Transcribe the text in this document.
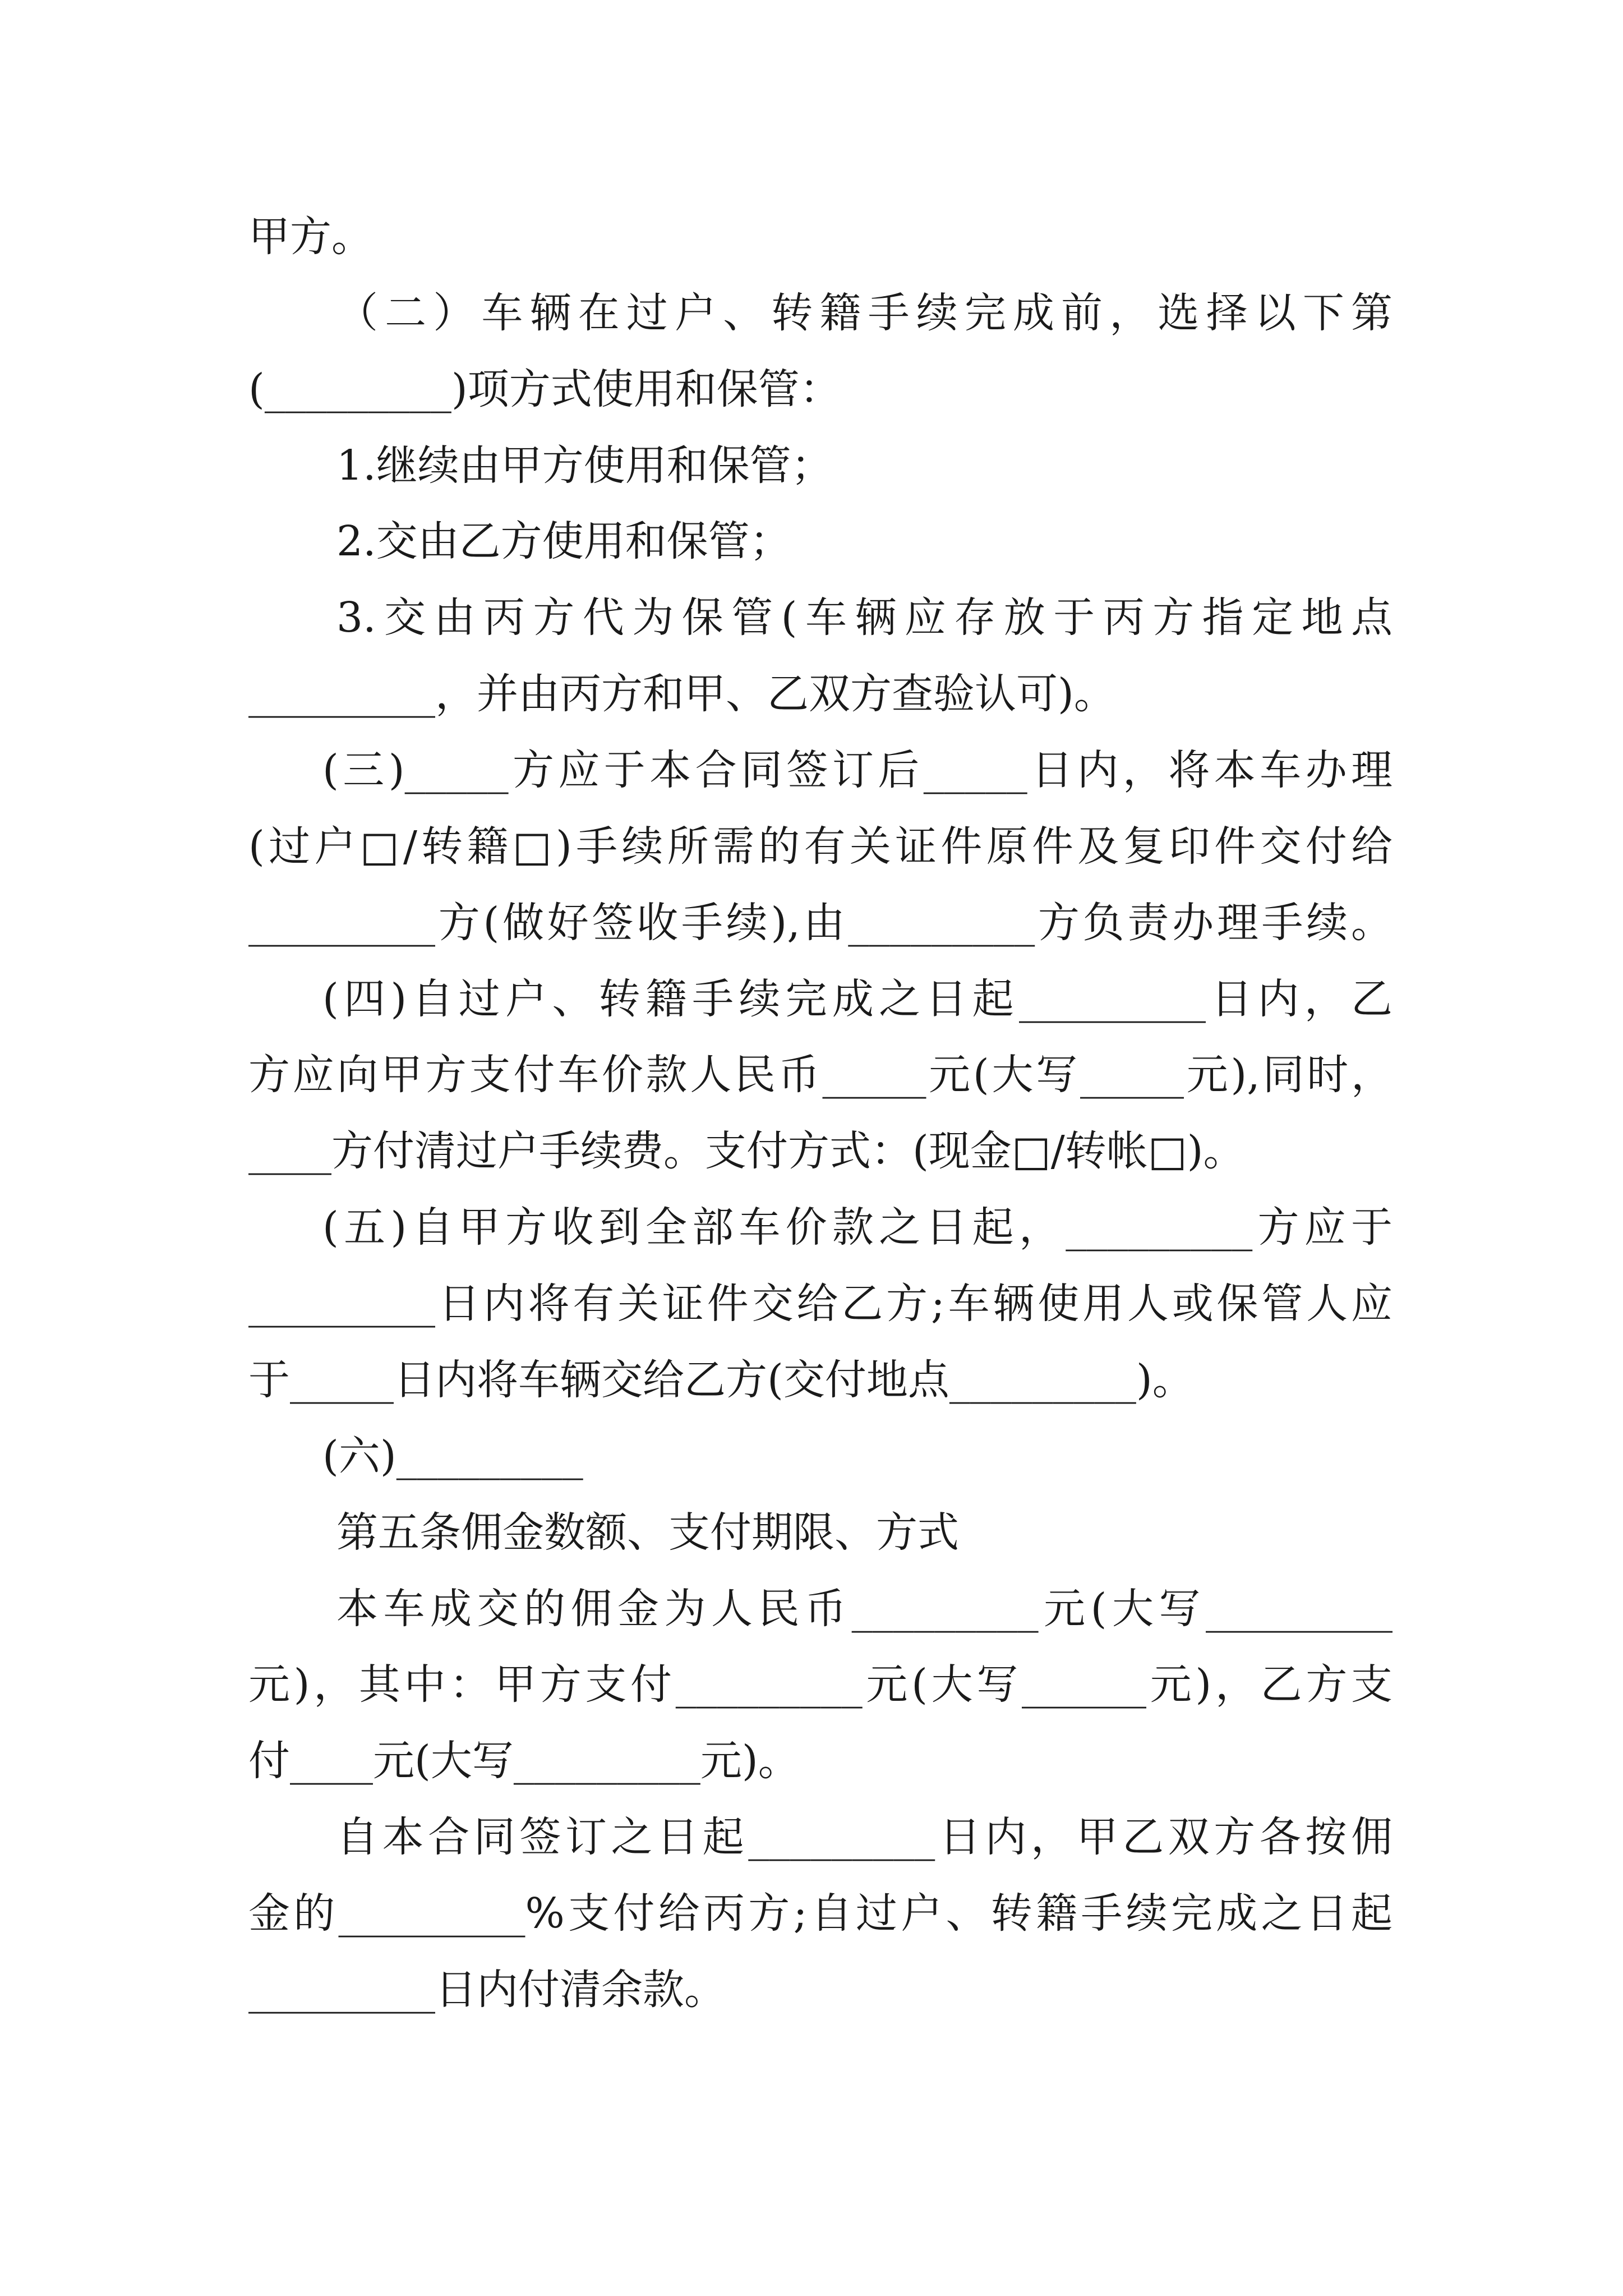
甲方。
（二）车辆在过户、转籍手续完成前，选择以下第
(_________)项方式使用和保管：
1.继续由甲方使用和保管；
2.交由乙方使用和保管；
3.交由丙方代为保管(车辆应存放于丙方指定地点
_________，并由丙方和甲、乙双方查验认可)。
(三)_____方应于本合同签订后_____日内，将本车办理
(过户□/转籍□)手续所需的有关证件原件及复印件交付给
_________方(做好签收手续),由_________方负责办理手续。
(四)自过户、转籍手续完成之日起_________日内，乙
方应向甲方支付车价款人民币_____元(大写_____元),同时，
____方付清过户手续费。支付方式：(现金□/转帐□)。
(五)自甲方收到全部车价款之日起，_________方应于
_________日内将有关证件交给乙方;车辆使用人或保管人应
于_____日内将车辆交给乙方(交付地点_________)。
(六)_________
第五条佣金数额、支付期限、方式
本车成交的佣金为人民币_________元(大写_________
元)，其中：甲方支付_________元(大写______元)，乙方支
付____元(大写_________元)。
自本合同签订之日起_________日内，甲乙双方各按佣
金的_________%支付给丙方;自过户、转籍手续完成之日起
_________日内付清余款。
